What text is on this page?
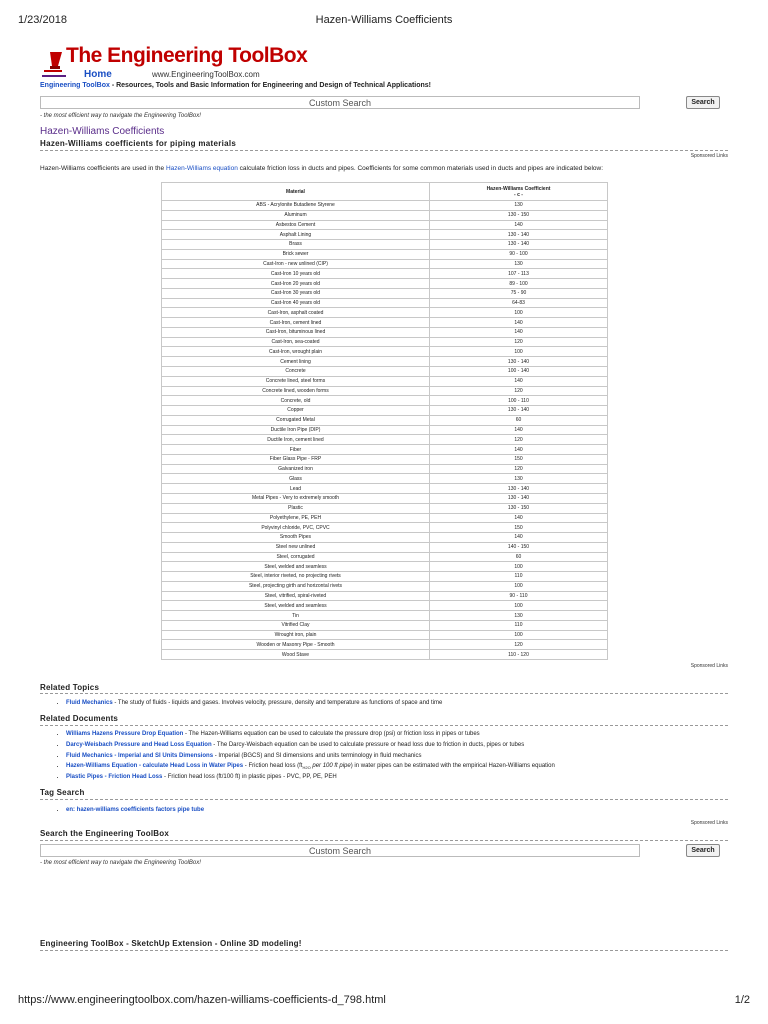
1/23/2018	Hazen-Williams Coefficients
The Engineering ToolBox
Home	www.EngineeringToolBox.com
Engineering ToolBox - Resources, Tools and Basic Information for Engineering and Design of Technical Applications!
Custom Search	Search
- the most efficient way to navigate the Engineering ToolBox!
Hazen-Williams Coefficients
Hazen-Williams coefficients for piping materials
Sponsored Links
Hazen-Williams coefficients are used in the Hazen-Williams equation calculate friction loss in ducts and pipes. Coefficients for some common materials used in ducts and pipes are indicated below:
Material	Hazen-Williams Coefficient
- c -

ABS - Acrylonite Butadiene Styrene	130
Aluminum	130 - 150
Asbestos Cement	140
Asphalt Lining	130 - 140
Brass	130 - 140
Brick sewer	90 - 100
Cast-Iron - new unlined (CIP)	130
Cast-Iron 10 years old	107 - 113
Cast-Iron 20 years old	89 - 100
Cast-Iron 30 years old	75 - 90
Cast-Iron 40 years old	64-83
Cast-Iron, asphalt coated	100
Cast-Iron, cement lined	140
Cast-Iron, bituminous lined	140
Cast-Iron, sea-coated	120
Cast-Iron, wrought plain	100
Cement lining	130 - 140
Concrete	100 - 140
Concrete lined, steel forms	140
Concrete lined, wooden forms	120
Concrete, old	100 - 110
Copper	130 - 140
Corrugated Metal	60
Ductile Iron Pipe (DIP)	140
Ductile Iron, cement lined	120
Fiber	140
Fiber Glass Pipe - FRP	150
Galvanized iron	120
Glass	130
Lead	130 - 140
Metal Pipes - Very to extremely smooth	130 - 140
Plastic	130 - 150
Polyethylene, PE, PEH	140
Polyvinyl chloride, PVC, CPVC	150
Smooth Pipes	140
Steel new unlined	140 - 150
Steel, corrugated	60
Steel, welded and seamless	100
Steel, interior riveted, no projecting rivets	110
Steel, projecting girth and horizontal rivets	100
Steel, vitrified, spiral-riveted	90 - 110
Steel, welded and seamless	100
Tin	130
Vitrified Clay	110
Wrought iron, plain	100
Wooden or Masonry Pipe - Smooth	120
Wood Stave	110 - 120
Sponsored Links
Related Topics
• Fluid Mechanics - The study of fluids - liquids and gases. Involves velocity, pressure, density and temperature as functions of space and time
Related Documents
• Williams Hazens Pressure Drop Equation - The Hazen-Williams equation can be used to calculate the pressure drop (psi) or friction loss in pipes or tubes
• Darcy-Weisbach Pressure and Head Loss Equation - The Darcy-Weisbach equation can be used to calculate pressure or head loss due to friction in ducts, pipes or tubes
• Fluid Mechanics - Imperial and SI Units Dimensions - Imperial (BGCS) and SI dimensions and units terminology in fluid mechanics
• Hazen-Williams Equation - calculate Head Loss in Water Pipes - Friction head loss ($ft_{H2O}$ per 100 ft pipe) in water pipes can be estimated with the empirical Hazen-Williams equation
• Plastic Pipes - Friction Head Loss - Friction head loss (ft/100 ft) in plastic pipes - PVC, PP, PE, PEH
Tag Search
• en: hazen-williams coefficients factors pipe tube
Sponsored Links
Search the Engineering ToolBox
Custom Search	Search
- the most efficient way to navigate the Engineering ToolBox!
Engineering ToolBox - SketchUp Extension - Online 3D modeling!
https://www.engineeringtoolbox.com/hazen-williams-coefficients-d_798.html	1/2
